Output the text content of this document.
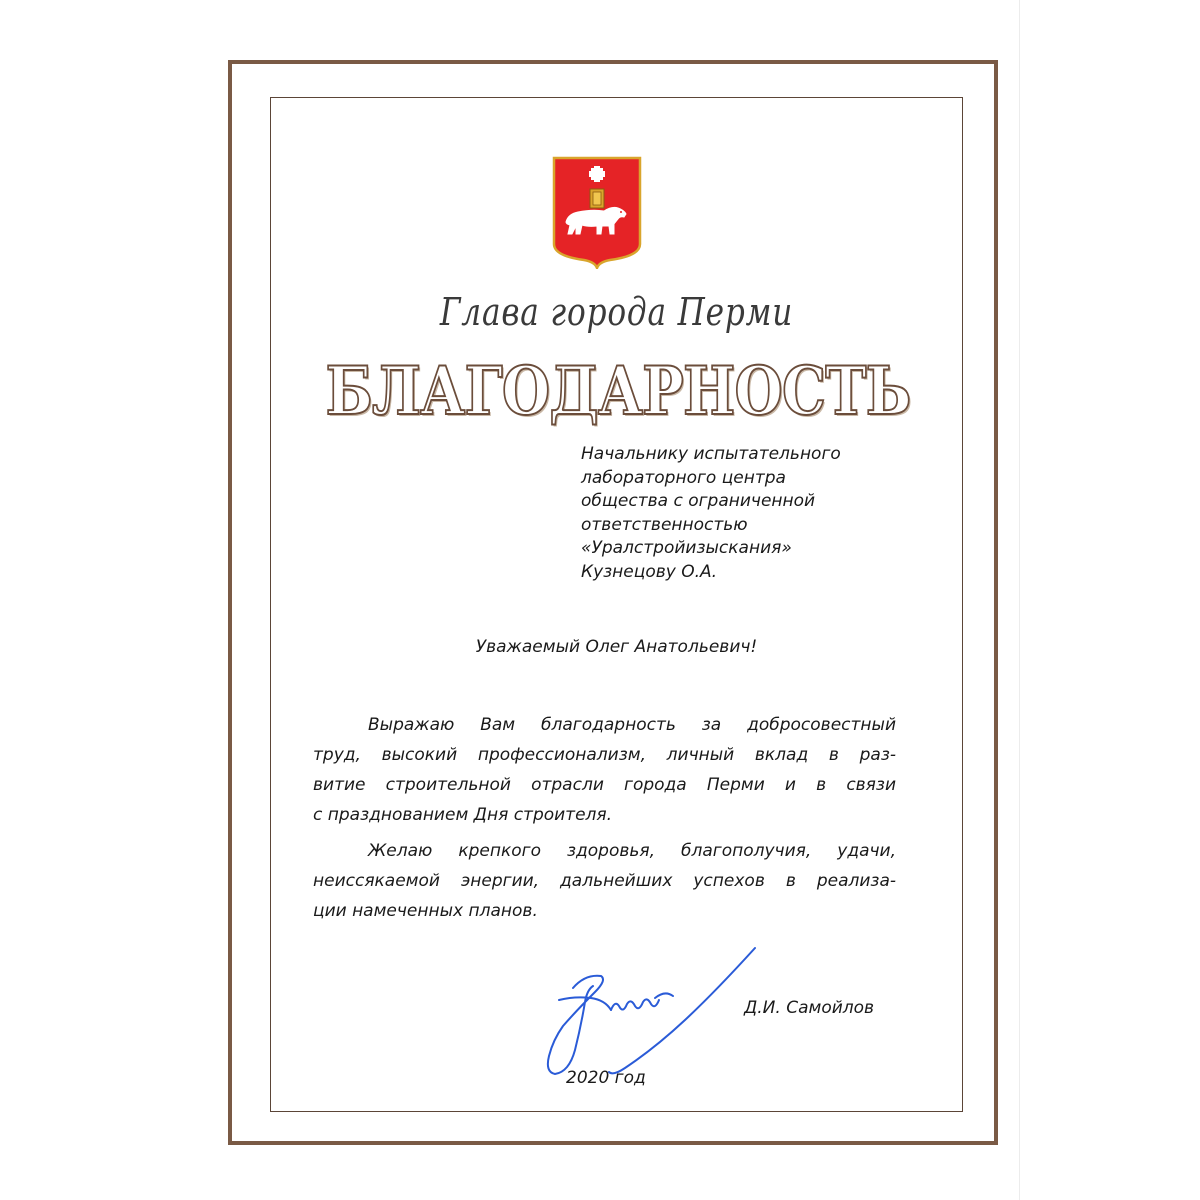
Глава города Перми
БЛАГОДАРНОСТЬ
Начальнику испытательного
лабораторного центра
общества с ограниченной
ответственностью
«Уралстройизыскания»
Кузнецову О.А.
Уважаемый Олег Анатольевич!
Выражаю Вам благодарность за добросовестный
труд, высокий профессионализм, личный вклад в раз-
витие строительной отрасли города Перми и в связи
с празднованием Дня строителя.
Желаю крепкого здоровья, благополучия, удачи,
неиссякаемой энергии, дальнейших успехов в реализа-
ции намеченных планов.
Д.И. Самойлов
2020 год
